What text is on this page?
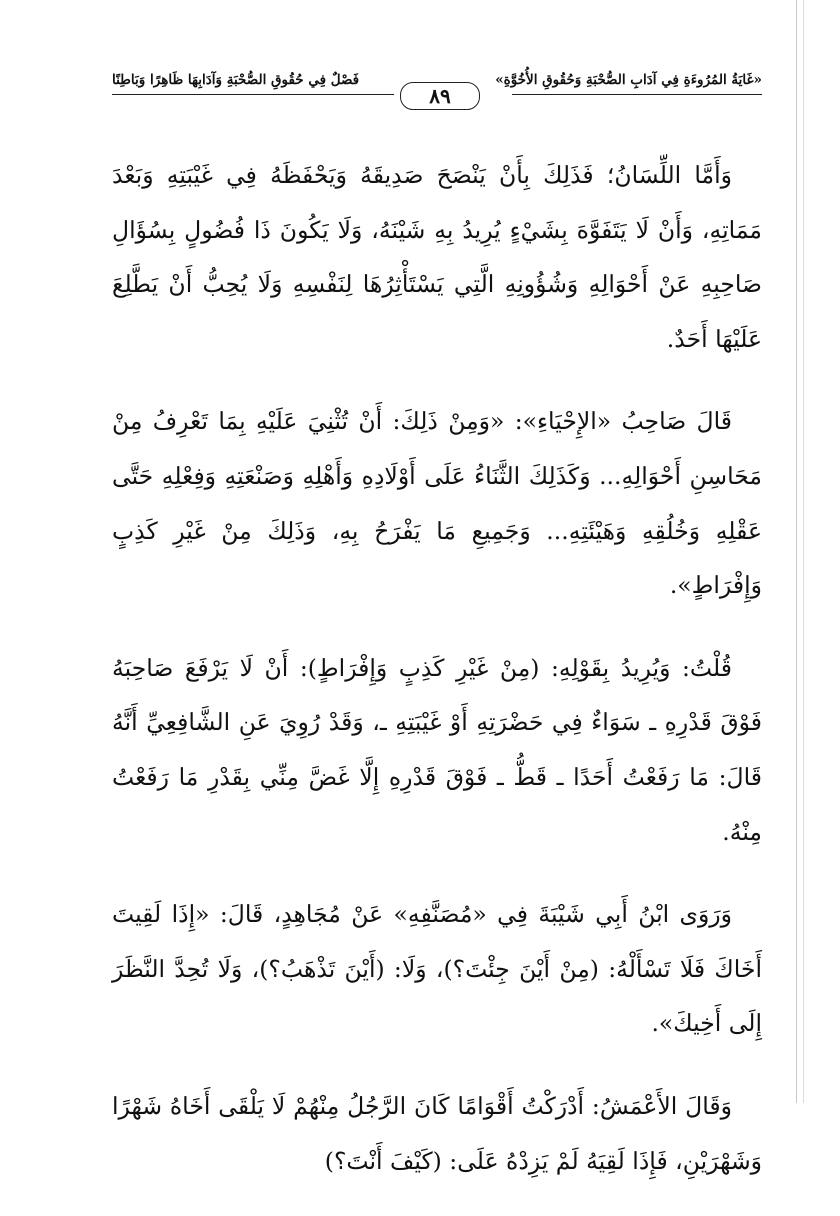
«غَايَةُ المُرُوءَةِ فِي آدَابِ الصُّحْبَةِ وَحُقُوقِ الأُخُوَّةِ»
فَصْلٌ فِي حُقُوقِ الصُّحْبَةِ وَآدَابِهَا ظَاهِرًا وَبَاطِنًا
٨٩

وَأَمَّا اللِّسَانُ؛ فَذَلِكَ بِأَنْ يَنْصَحَ صَدِيقَهُ وَيَحْفَظَهُ فِي غَيْبَتِهِ وَبَعْدَ مَمَاتِهِ، وَأَنْ لَا يَتَفَوَّهَ بِشَيْءٍ يُرِيدُ بِهِ شَيْنَهُ، وَلَا يَكُونَ ذَا فُضُولٍ بِسُؤَالِ صَاحِبِهِ عَنْ أَحْوَالِهِ وَشُؤُونِهِ الَّتِي يَسْتَأْثِرُهَا لِنَفْسِهِ وَلَا يُحِبُّ أَنْ يَطَّلِعَ عَلَيْهَا أَحَدٌ.

قَالَ صَاحِبُ «الإِحْيَاءِ»: «وَمِنْ ذَلِكَ: أَنْ تُثْنِيَ عَلَيْهِ بِمَا تَعْرِفُ مِنْ مَحَاسِنِ أَحْوَالِهِ... وَكَذَلِكَ الثَّنَاءُ عَلَى أَوْلَادِهِ وَأَهْلِهِ وَصَنْعَتِهِ وَفِعْلِهِ حَتَّى عَقْلِهِ وَخُلُقِهِ وَهَيْئَتِهِ... وَجَمِيعِ مَا يَفْرَحُ بِهِ، وَذَلِكَ مِنْ غَيْرِ كَذِبٍ وَإِفْرَاطٍ».

قُلْتُ: وَيُرِيدُ بِقَوْلِهِ: (مِنْ غَيْرِ كَذِبٍ وَإِفْرَاطٍ): أَنْ لَا يَرْفَعَ صَاحِبَهُ فَوْقَ قَدْرِهِ ـ سَوَاءٌ فِي حَضْرَتِهِ أَوْ غَيْبَتِهِ ـ، وَقَدْ رُوِيَ عَنِ الشَّافِعِيِّ أَنَّهُ قَالَ: مَا رَفَعْتُ أَحَدًا ـ قَطُّ ـ فَوْقَ قَدْرِهِ إِلَّا غَضَّ مِنِّي بِقَدْرِ مَا رَفَعْتُ مِنْهُ.

وَرَوَى ابْنُ أَبِي شَيْبَةَ فِي «مُصَنَّفِهِ» عَنْ مُجَاهِدٍ، قَالَ: «إِذَا لَقِيتَ أَخَاكَ فَلَا تَسْأَلْهُ: (مِنْ أَيْنَ جِئْتَ؟)، وَلَا: (أَيْنَ تَذْهَبُ؟)، وَلَا تُحِدَّ النَّظَرَ إِلَى أَخِيكَ».

وَقَالَ الأَعْمَشُ: أَدْرَكْتُ أَقْوَامًا كَانَ الرَّجُلُ مِنْهُمْ لَا يَلْقَى أَخَاهُ شَهْرًا وَشَهْرَيْنِ، فَإِذَا لَقِيَهُ لَمْ يَزِدْهُ عَلَى: (كَيْفَ أَنْتَ؟)
